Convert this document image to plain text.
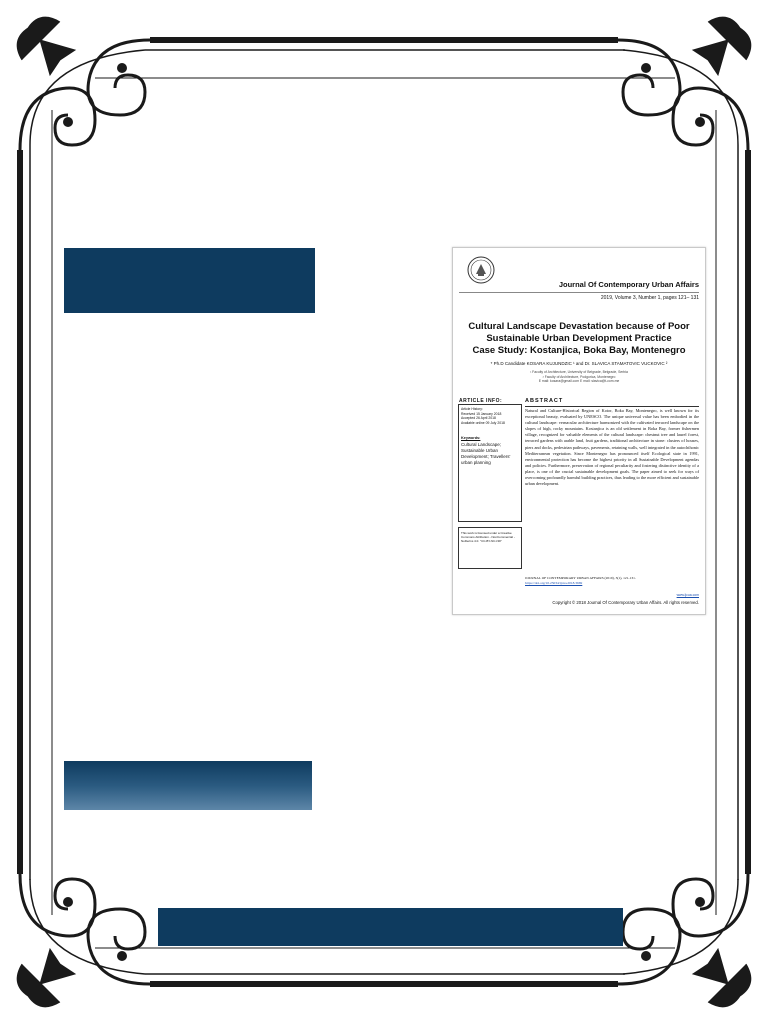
Journal Of Contemporary Urban Affairs
2019, Volume 3, Number 1, pages 121– 131
Cultural Landscape Devastation because of Poor
Sustainable Urban Development Practice
Case Study: Kostanjica, Boka Bay, Montenegro
* Ph.D Candidate KOSARA KUJUNDZIC ¹ and Dr. SLAVICA STAMATOVIC VUCKOVIC ²
¹ Faculty of Architecture, University of Belgrade, Belgrade, Serbia
² Faculty of Architecture, Podgorica, Montenegro
E mail: kosara@gmail.com E mail: slavica@t-com.me
ARTICLE INFO:
Article History:
Received 15 January 2018
Accepted 26 April 2018
Available online 09 July 2018
Keywords:
Cultural Landscape; Sustainable Urban Development; Travellers' urban planning
This work is licensed under a Creative Commons Attribution - NonCommercial - NoDerivs 4.0. "CC-BY-NC-ND"
ABSTRACT
Natural and Culture-Historical Region of Kotor, Boka Bay, Montenegro, is well known for its exceptional beauty, evaluated by UNESCO. The unique universal value has been embodied in the cultural landscape: vernacular architecture harmonized with the cultivated terraced landscape on the slopes of high, rocky mountains. Kostanjica is an old settlement in Boka Bay, former fishermen village, recognized for valuable elements of the cultural landscape: chestnut tree and laurel forest, terraced gardens with arable land, fruit gardens, traditional architecture in stone: clusters of houses, piers and docks, pedestrian pathways, pavements, retaining walls, well integrated in the autochthonic Mediterranean vegetation. Since Montenegro has pronounced itself Ecological state in 1991, environmental protection has become the highest priority in all Sustainable Development agendas and policies. Furthermore, preservation of regional peculiarity and fostering distinctive identity of a place, is one of the crucial sustainable development goals. The paper aimed to seek for ways of overcoming profoundly harmful building practices, thus leading to the more efficient and sustainable urban development.
JOURNAL OF CONTEMPORARY URBAN AFFAIRS (2019), 3(1), 121-131.
https://doi.org/10.25034/ijcua.2018.3669
www.ijcua.com
Copyright © 2018 Journal Of Contemporary Urban Affairs. All rights reserved.
